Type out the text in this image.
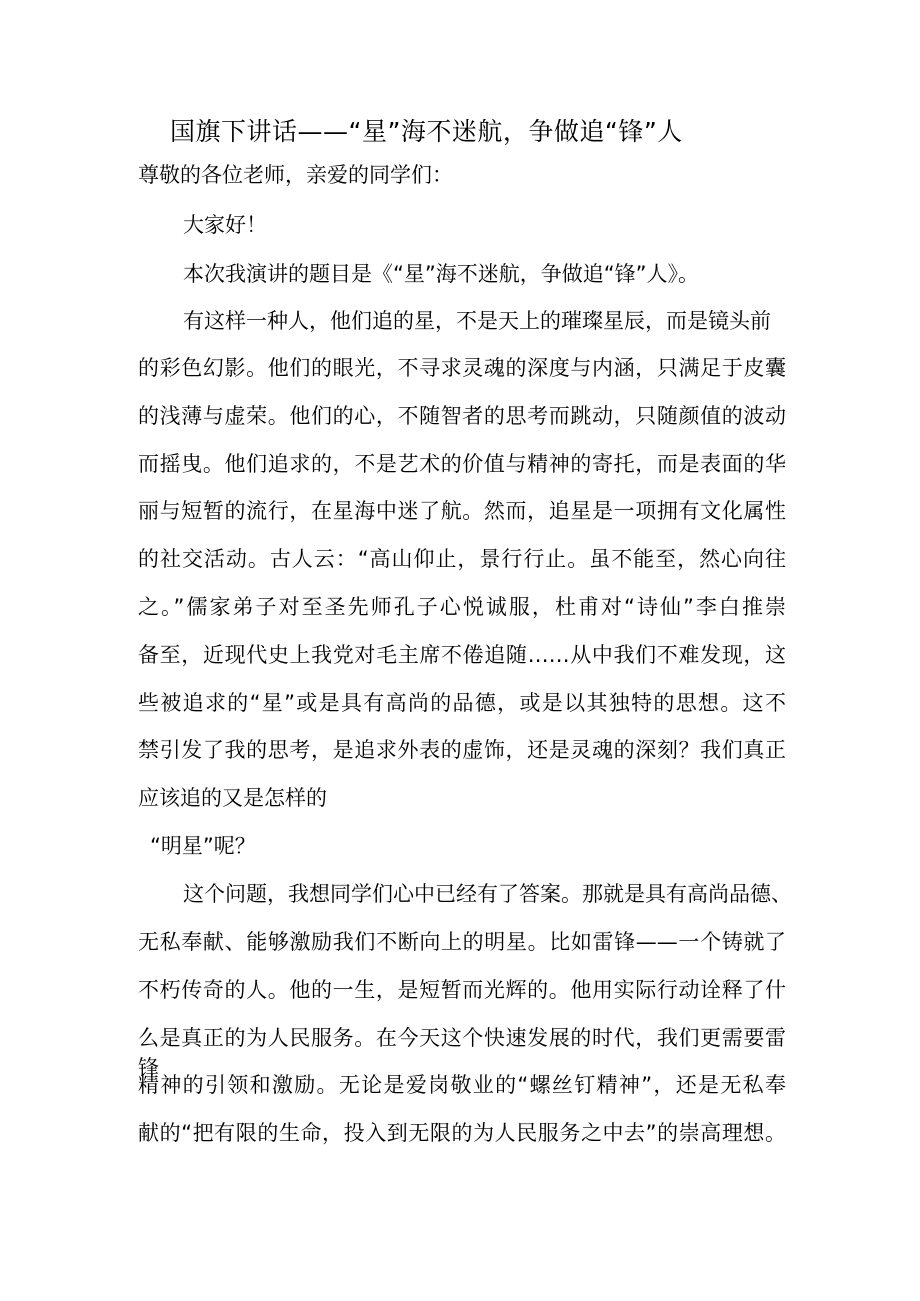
国旗下讲话——“星”海不迷航，争做追“锋”人
尊敬的各位老师，亲爱的同学们：
大家好！
本次我演讲的题目是《“星”海不迷航，争做追“锋”人》。
有这样一种人，他们追的星，不是天上的璀璨星辰，而是镜头前
的彩色幻影。他们的眼光，不寻求灵魂的深度与内涵，只满足于皮囊
的浅薄与虚荣。他们的心，不随智者的思考而跳动，只随颜值的波动
而摇曳。他们追求的，不是艺术的价值与精神的寄托，而是表面的华
丽与短暂的流行，在星海中迷了航。然而，追星是一项拥有文化属性
的社交活动。古人云：“高山仰止，景行行止。虽不能至，然心向往
之。”儒家弟子对至圣先师孔子心悦诚服，杜甫对“诗仙”李白推崇
备至，近现代史上我党对毛主席不倦追随……从中我们不难发现，这
些被追求的“星”或是具有高尚的品德，或是以其独特的思想。这不
禁引发了我的思考，是追求外表的虚饰，还是灵魂的深刻？我们真正
应该追的又是怎样的
“明星”呢？
这个问题，我想同学们心中已经有了答案。那就是具有高尚品德、
无私奉献、能够激励我们不断向上的明星。比如雷锋——一个铸就了
不朽传奇的人。他的一生，是短暂而光辉的。他用实际行动诠释了什
么是真正的为人民服务。在今天这个快速发展的时代，我们更需要雷锋
精神的引领和激励。无论是爱岗敬业的“螺丝钉精神”，还是无私奉
献的“把有限的生命，投入到无限的为人民服务之中去”的崇高理想。
